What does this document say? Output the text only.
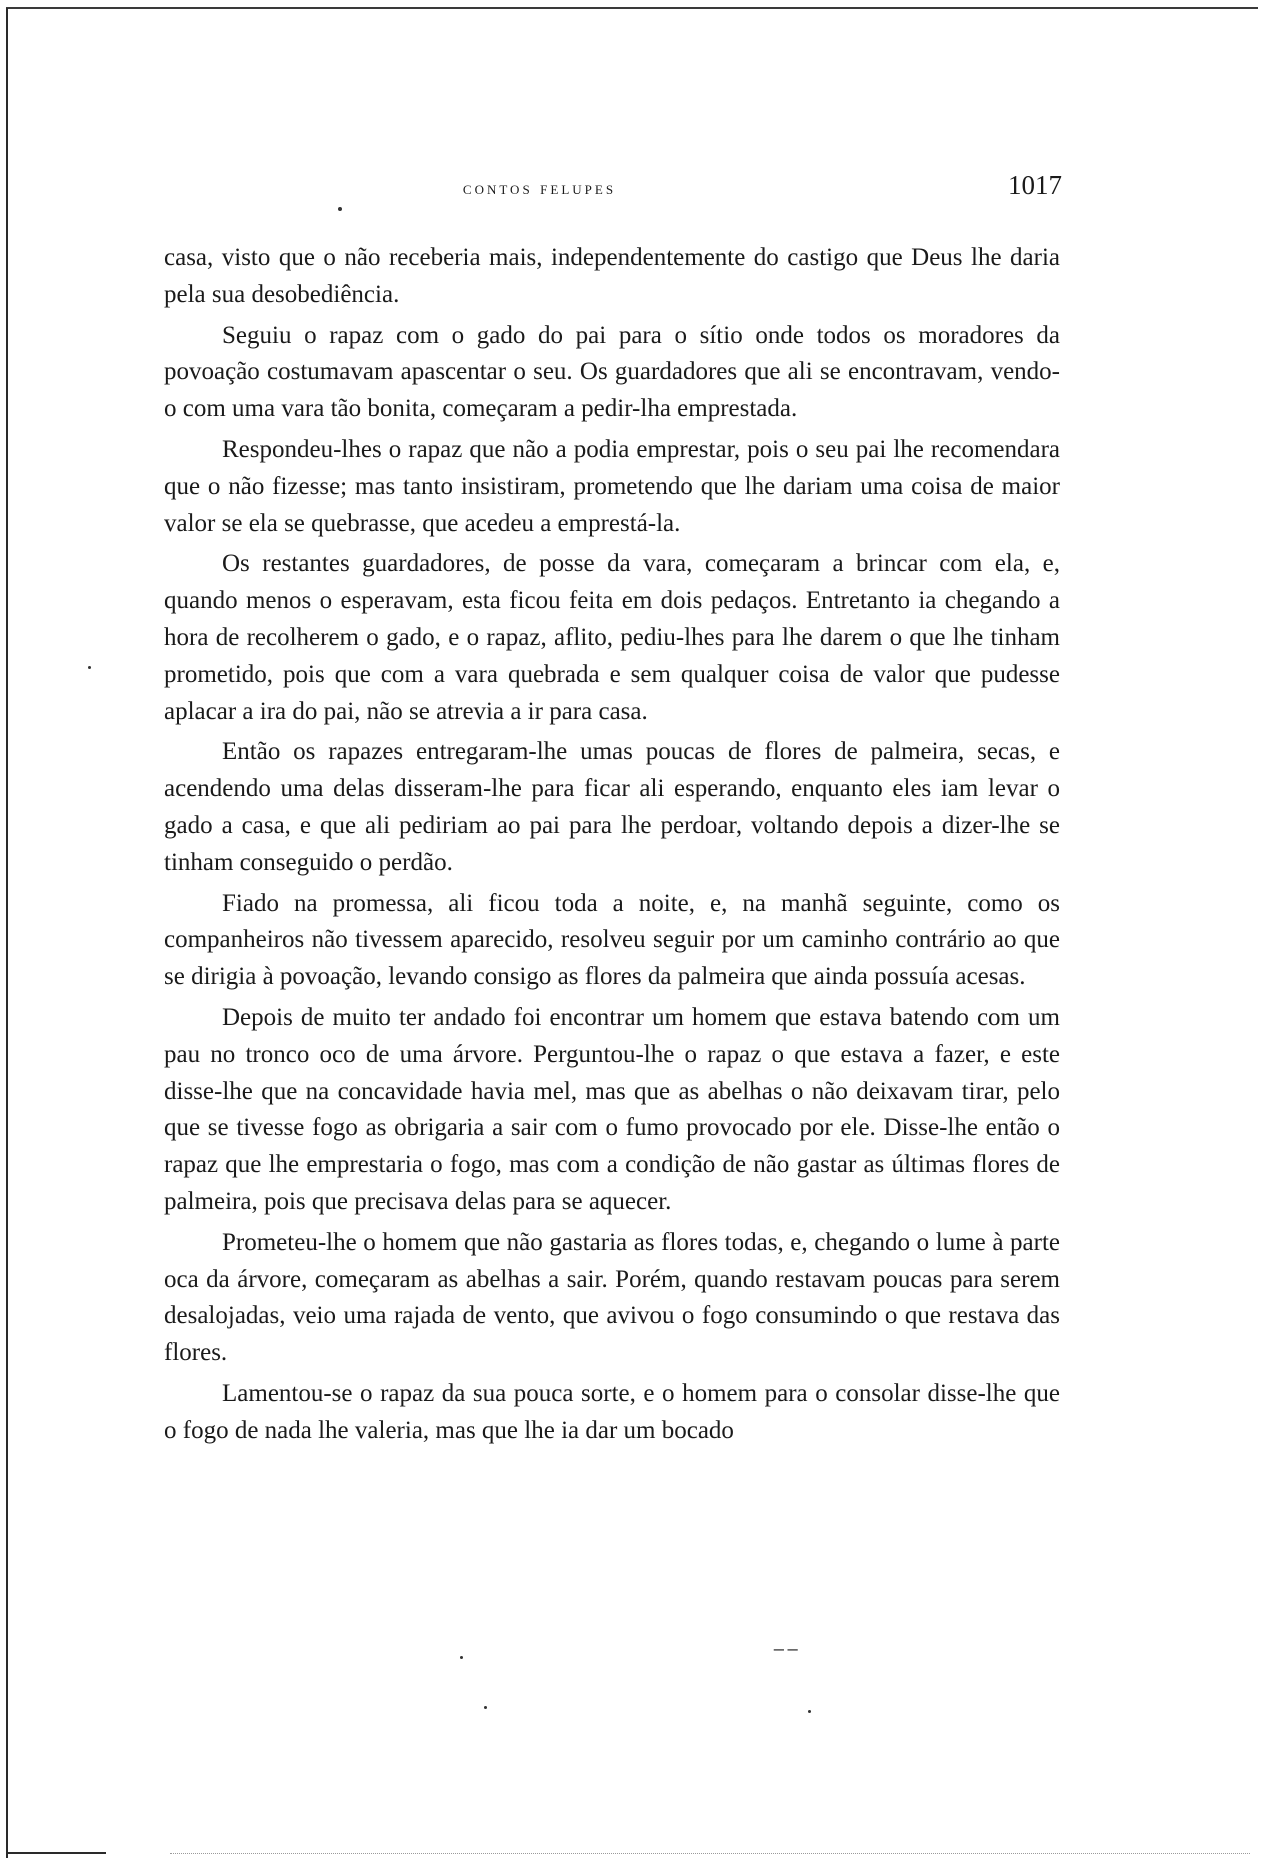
contos felupes	1017

casa, visto que o não receberia mais, independentemente do castigo que Deus lhe daria pela sua desobediência.

Seguiu o rapaz com o gado do pai para o sítio onde todos os moradores da povoação costumavam apascentar o seu. Os guardadores que ali se encontravam, vendo-o com uma vara tão bonita, começaram a pedir-lha emprestada.

Respondeu-lhes o rapaz que não a podia emprestar, pois o seu pai lhe recomendara que o não fizesse; mas tanto insistiram, prometendo que lhe dariam uma coisa de maior valor se ela se quebrasse, que acedeu a emprestá-la.

Os restantes guardadores, de posse da vara, começaram a brincar com ela, e, quando menos o esperavam, esta ficou feita em dois pedaços. Entretanto ia chegando a hora de recolherem o gado, e o rapaz, aflito, pediu-lhes para lhe darem o que lhe tinham prometido, pois que com a vara quebrada e sem qualquer coisa de valor que pudesse aplacar a ira do pai, não se atrevia a ir para casa.

Então os rapazes entregaram-lhe umas poucas de flores de palmeira, secas, e acendendo uma delas disseram-lhe para ficar ali esperando, enquanto eles iam levar o gado a casa, e que ali pediriam ao pai para lhe perdoar, voltando depois a dizer-lhe se tinham conseguido o perdão.

Fiado na promessa, ali ficou toda a noite, e, na manhã seguinte, como os companheiros não tivessem aparecido, resolveu seguir por um caminho contrário ao que se dirigia à povoação, levando consigo as flores da palmeira que ainda possuía acesas.

Depois de muito ter andado foi encontrar um homem que estava batendo com um pau no tronco oco de uma árvore. Perguntou-lhe o rapaz o que estava a fazer, e este disse-lhe que na concavidade havia mel, mas que as abelhas o não deixavam tirar, pelo que se tivesse fogo as obrigaria a sair com o fumo provocado por ele. Disse-lhe então o rapaz que lhe emprestaria o fogo, mas com a condição de não gastar as últimas flores de palmeira, pois que precisava delas para se aquecer.

Prometeu-lhe o homem que não gastaria as flores todas, e, chegando o lume à parte oca da árvore, começaram as abelhas a sair. Porém, quando restavam poucas para serem desalojadas, veio uma rajada de vento, que avivou o fogo consumindo o que restava das flores.

Lamentou-se o rapaz da sua pouca sorte, e o homem para o consolar disse-lhe que o fogo de nada lhe valeria, mas que lhe ia dar um bocado

⁻⁻
